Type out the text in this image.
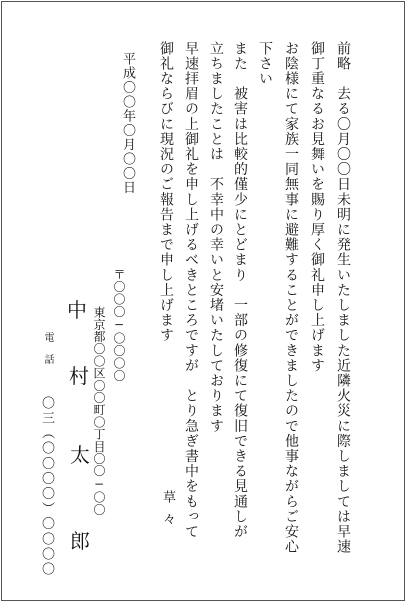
前略　去る〇月〇〇日未明に発生いたしました近隣火災に際しましては早速
御丁重なるお見舞いを賜り厚く御礼申し上げます
お陰様にて家族一同無事に避難することができましたので他事ながらご安心
下さい
また　被害は比較的僅少にとどまり　一部の修復にて復旧できる見通しが
立ちましたことは　不幸中の幸いと安堵いたしております
早速拝眉の上御礼を申し上げるべきところですが　とり急ぎ書中をもって
御礼ならびに現況のご報告まで申し上げます
草々
平成〇〇年〇月〇〇日
〒〇〇〇−〇〇〇〇
東京都〇〇区〇〇町〇丁目〇〇−〇〇
中
村
太
郎
電話
〇三（〇〇〇〇）〇〇〇〇
